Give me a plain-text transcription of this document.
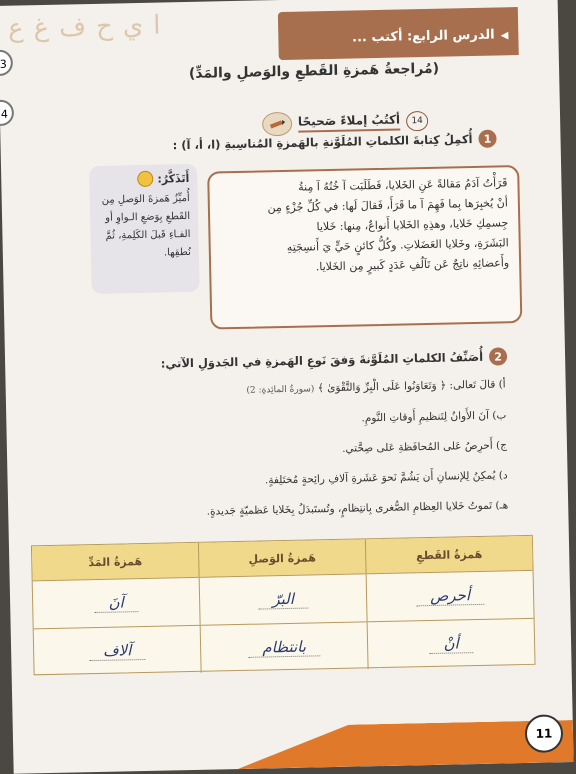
ع غ ف ح ي ا	◀الدرس الرابع: أكتب ...
3
4
(مُراجعةُ هَمزةِ القَطعِ والوَصلِ والمَدِّ)
14
أكتُبُ إملاءً صَحيحًا
1
أُكمِلُ كِتابةَ الكلماتِ المُلَوَّنةِ بالهَمزةِ المُناسِبةِ (ا، أ، آ) :

قَرَأْتُ آدَمُ مَقالةً عَنِ الخَلايا، فَطَلَبَت آ خُتُهُ آ مِنةُ

أنْ يُخبِرَها بِما فَهِمَ آ ما قَرَأَ، فَقالَ لَها: في كُلِّ جُزْءٍ مِن

جِسمِكِ خَلايا، وهذِهِ الخَلايا أَنواعٌ، مِنها: خَلايا

البَشَرَةِ، وخَلايا العَضَلاتِ. وكُلُّ كائنٍ حَيٍّ يَ أَنسِجَتِهِ

وأَعضائِهِ ناتِجٌ عَن تَآلُفِ عَدَدٍ كَبيرٍ مِن الخَلايا.

أَتَذَكَّرُ:
أُميِّزُ هَمزةَ الوَصلِ مِن القَطعِ بِوَضعِ الـواوِ أو الفـاءِ قَبلَ الكَلِمةِ، ثُمَّ نُطقِها.
2
أُصَنِّفُ الكلماتِ المُلَوَّنةَ وَفقَ نَوعِ الهَمزةِ في الجَدوَلِ الآتي:
أ) قالَ تَعالى: ﴿ وَتَعَاوَنُوا عَلَى الْبِرِّ وَالتَّقْوَىٰ ﴾ (سورةُ المائِدةِ: 2)
ب) آنَ الأَوانُ لِتَنظيمِ أَوقاتِ النَّومِ.
ج) أَحرِصُ عَلى المُحافَظةِ عَلى صِحَّتي.
د) يُمكِنُ لِلإنسانِ أَن يَشُمَّ نَحوَ عَشَرةِ آلافِ رائِحةٍ مُختَلِفةٍ.
هـ) تَموتُ خَلايا العِظامِ الصُّغرى بِانتِظامٍ، وتُستَبدَلُ بِخَلايا عَظميّةٍ جَديدةٍ.
هَمزةُ القَطعِ
هَمزةُ الوَصلِ
هَمزةُ المَدِّ
أحرص
البرّ
آنَ
أنْ
بانتظام
آلاف
11
